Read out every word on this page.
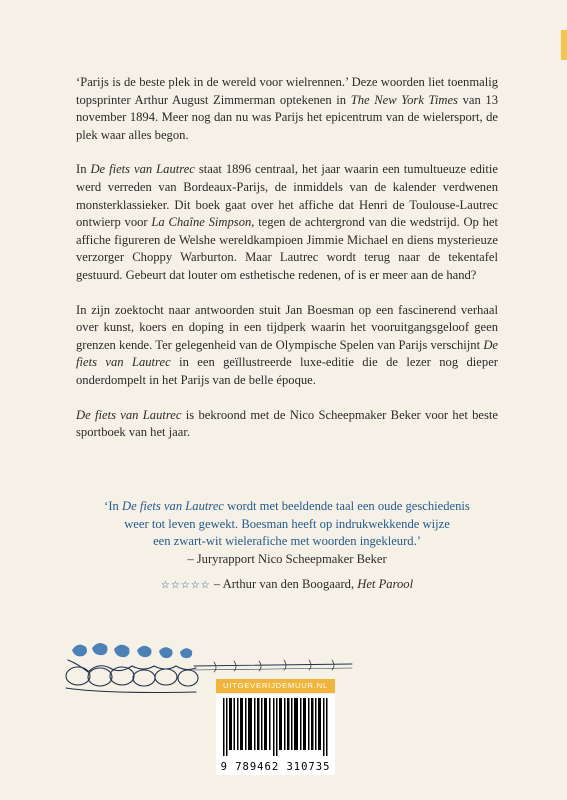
‘Parijs is de beste plek in de wereld voor wielrennen.’ Deze woorden liet toenmalig topsprinter Arthur August Zimmerman optekenen in The New York Times van 13 november 1894. Meer nog dan nu was Parijs het epicentrum van de wielersport, de plek waar alles begon.

In De fiets van Lautrec staat 1896 centraal, het jaar waarin een tumultueuze editie werd verreden van Bordeaux-Parijs, de inmiddels van de kalender verdwenen monsterklassieker. Dit boek gaat over het affiche dat Henri de Toulouse-Lautrec ontwierp voor La Chaîne Simpson, tegen de achtergrond van die wedstrijd. Op het affiche figureren de Welshe wereldkampioen Jimmie Michael en diens mysterieuze verzorger Choppy Warburton. Maar Lautrec wordt terug naar de tekentafel gestuurd. Gebeurt dat louter om esthetische redenen, of is er meer aan de hand?

In zijn zoektocht naar antwoorden stuit Jan Boesman op een fascinerend verhaal over kunst, koers en doping in een tijdperk waarin het vooruitgangsgeloof geen grenzen kende. Ter gelegenheid van de Olympische Spelen van Parijs verschijnt De fiets van Lautrec in een geïllustreerde luxe-editie die de lezer nog dieper onderdompelt in het Parijs van de belle époque.

De fiets van Lautrec is bekroond met de Nico Scheepmaker Beker voor het beste sportboek van het jaar.

‘In De fiets van Lautrec wordt met beeldende taal een oude geschiedenis
weer tot leven gewekt. Boesman heeft op indrukwekkende wijze
een zwart-wit wielerafiche met woorden ingekleurd.’
– Juryrapport Nico Scheepmaker Beker
☆☆☆☆☆ – Arthur van den Boogaard, Het Parool
UITGEVERIJDEMUUR.NL
9 789462 310735
